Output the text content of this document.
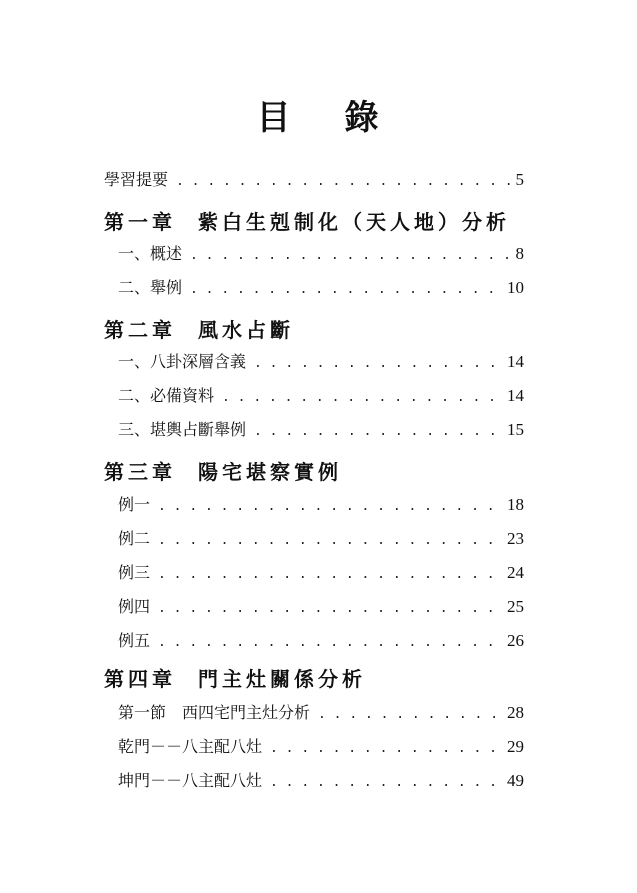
目 錄
學習提要 . . .	5
第一章 紫白生剋制化（天人地）分析
一、概述 . . .	8
二、舉例 . . .	10
第二章 風水占斷
一、八卦深層含義 . . .	14
二、必備資料 . . .	14
三、堪輿占斷舉例 . . .	15
第三章 陽宅堪察實例
例一 . . .	18
例二 . . .	23
例三 . . .	24
例四 . . .	25
例五 . . .	26
第四章 門主灶關係分析
第一節　西四宅門主灶分析 . . .	28
乾門－－八主配八灶 . . .	29
坤門－－八主配八灶 . . .	49
